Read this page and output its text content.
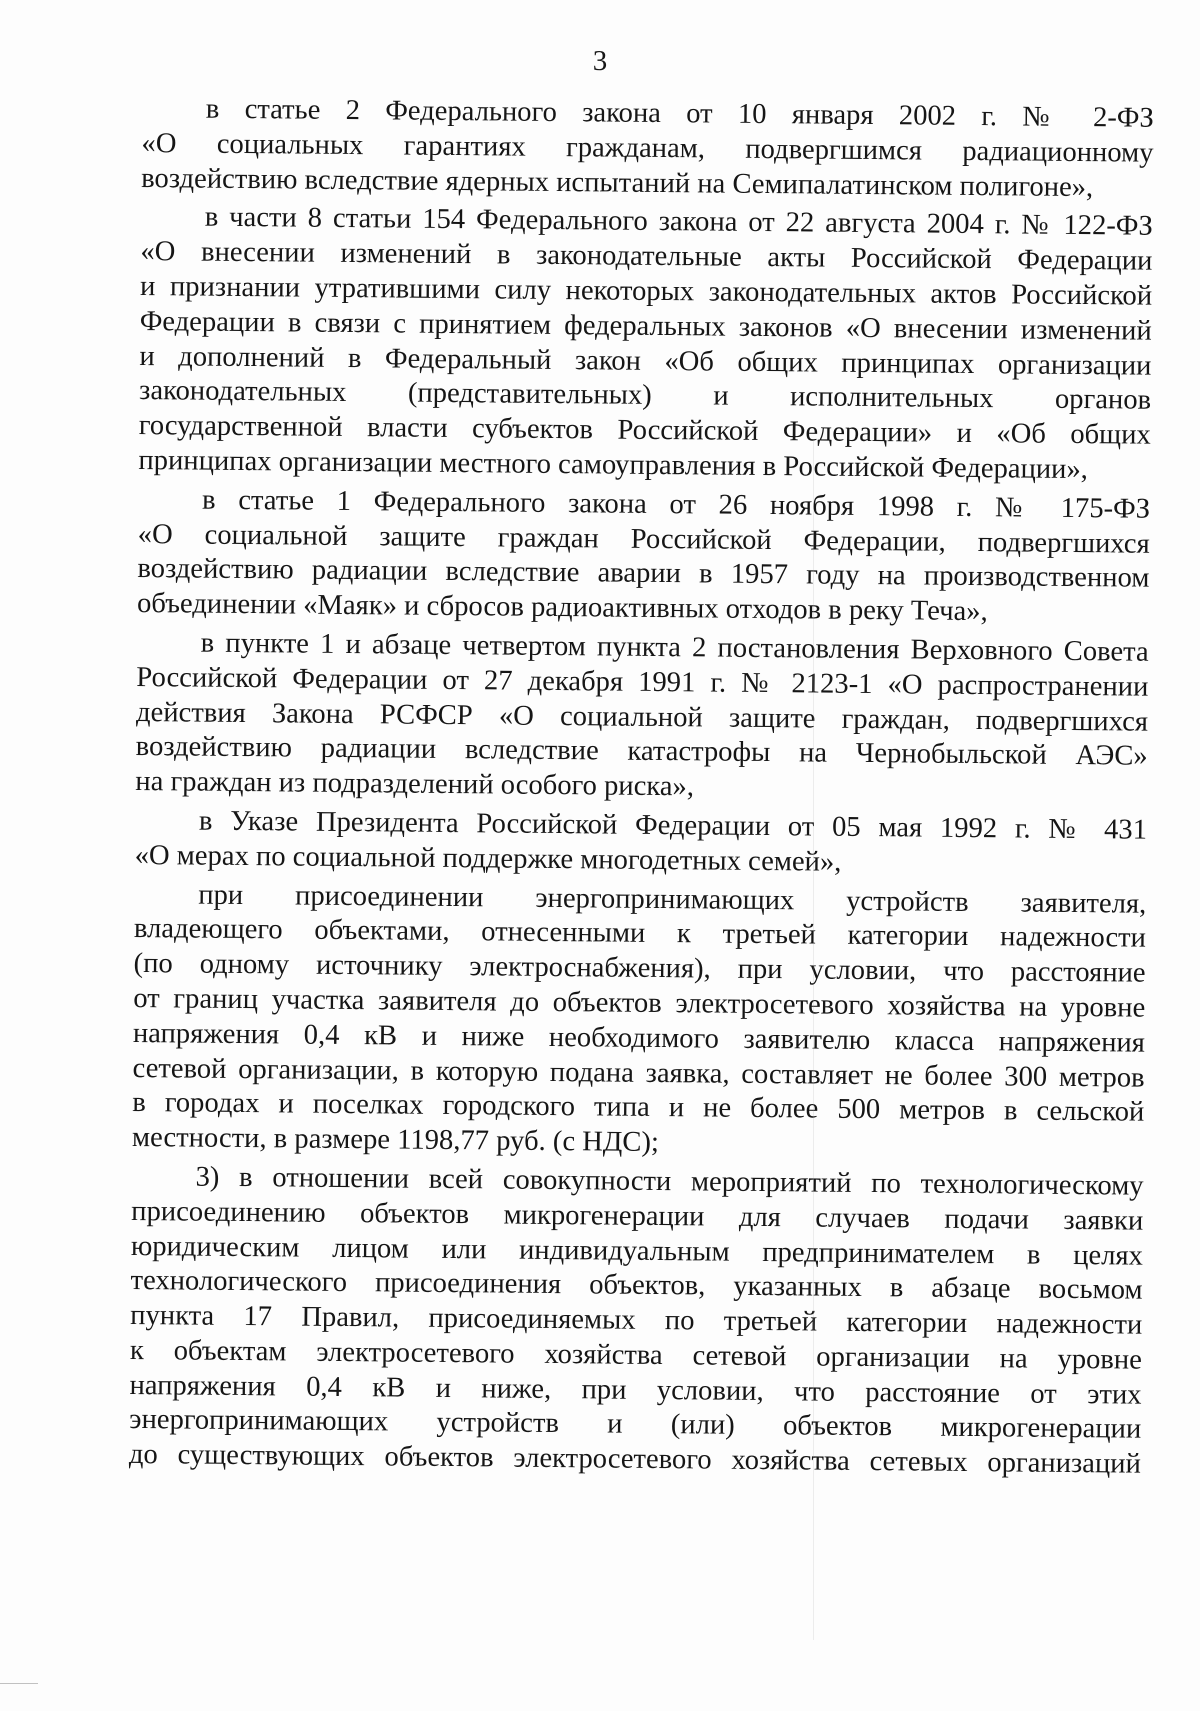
3
в статье 2 Федерального закона от 10 января 2002 г. № 2-ФЗ
«О социальных гарантиях гражданам, подвергшимся радиационному
воздействию вследствие ядерных испытаний на Семипалатинском полигоне»,
в части 8 статьи 154 Федерального закона от 22 августа 2004 г. № 122-ФЗ
«О внесении изменений в законодательные акты Российской Федерации
и признании утратившими силу некоторых законодательных актов Российской
Федерации в связи с принятием федеральных законов «О внесении изменений
и дополнений в Федеральный закон «Об общих принципах организации
законодательных (представительных) и исполнительных органов
государственной власти субъектов Российской Федерации» и «Об общих
принципах организации местного самоуправления в Российской Федерации»,
в статье 1 Федерального закона от 26 ноября 1998 г. № 175-ФЗ
«О социальной защите граждан Российской Федерации, подвергшихся
воздействию радиации вследствие аварии в 1957 году на производственном
объединении «Маяк» и сбросов радиоактивных отходов в реку Теча»,
в пункте 1 и абзаце четвертом пункта 2 постановления Верховного Совета
Российской Федерации от 27 декабря 1991 г. № 2123-1 «О распространении
действия Закона РСФСР «О социальной защите граждан, подвергшихся
воздействию радиации вследствие катастрофы на Чернобыльской АЭС»
на граждан из подразделений особого риска»,
в Указе Президента Российской Федерации от 05 мая 1992 г. № 431
«О мерах по социальной поддержке многодетных семей»,
при присоединении энергопринимающих устройств заявителя,
владеющего объектами, отнесенными к третьей категории надежности
(по одному источнику электроснабжения), при условии, что расстояние
от границ участка заявителя до объектов электросетевого хозяйства на уровне
напряжения 0,4 кВ и ниже необходимого заявителю класса напряжения
сетевой организации, в которую подана заявка, составляет не более 300 метров
в городах и поселках городского типа и не более 500 метров в сельской
местности, в размере 1198,77 руб. (с НДС);
3) в отношении всей совокупности мероприятий по технологическому
присоединению объектов микрогенерации для случаев подачи заявки
юридическим лицом или индивидуальным предпринимателем в целях
технологического присоединения объектов, указанных в абзаце восьмом
пункта 17 Правил, присоединяемых по третьей категории надежности
к объектам электросетевого хозяйства сетевой организации на уровне
напряжения 0,4 кВ и ниже, при условии, что расстояние от этих
энергопринимающих устройств и (или) объектов микрогенерации
до существующих объектов электросетевого хозяйства сетевых организаций
